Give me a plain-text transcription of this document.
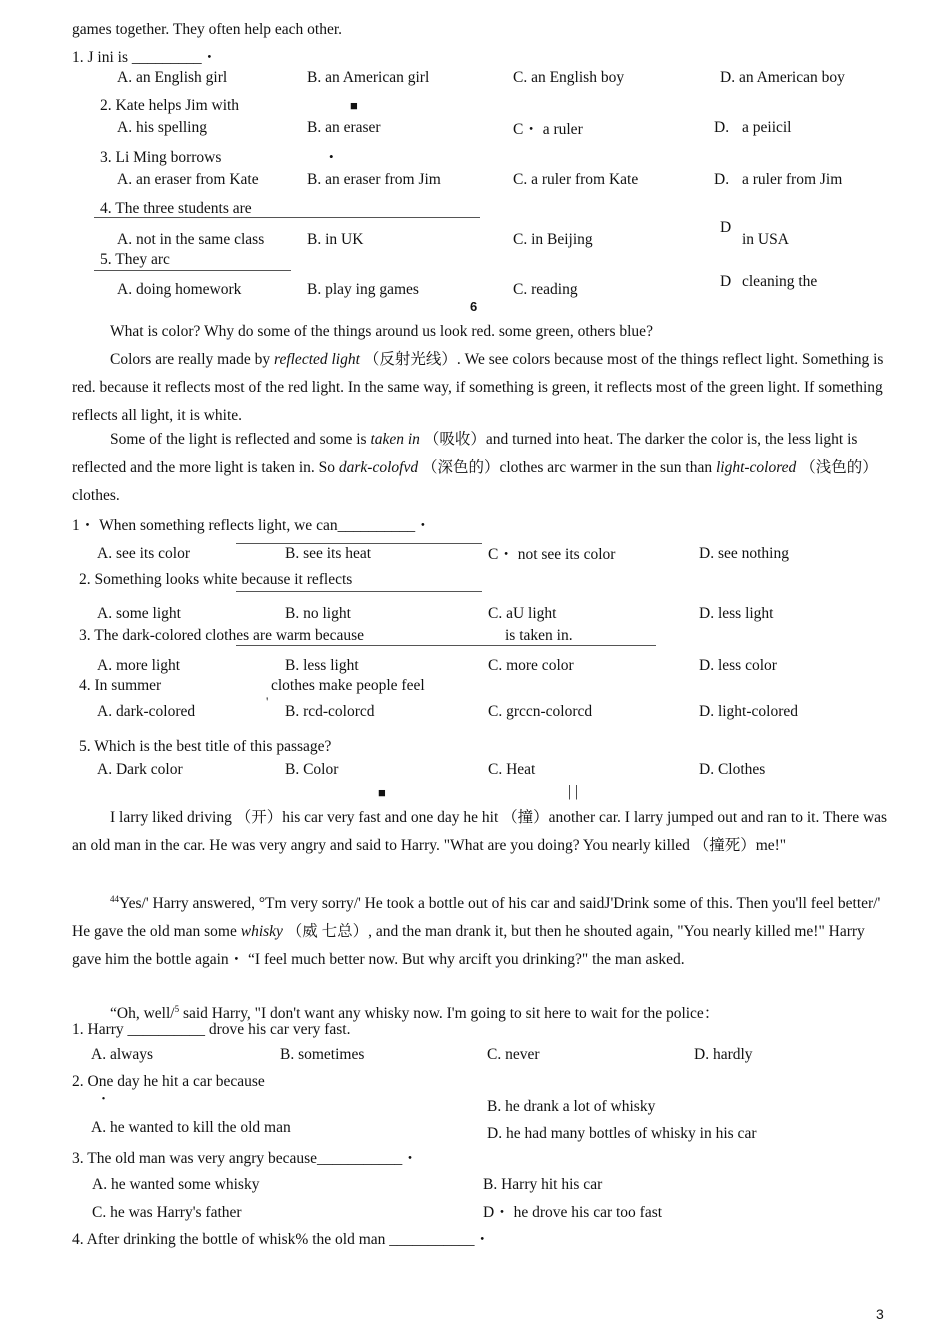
games together. They often help each other.
1. J ini is _________・
A. an English girl	B. an American girl	C. an English boy	D. an American boy
2. Kate helps Jim with	■
A. his spelling	B. an eraser	C・ a ruler	D. a peiicil
3. Li Ming borrows	•
A. an eraser from Kate	B. an eraser from Jim	C. a ruler from Kate	D. a ruler from Jim
4. The three students are
A. not in the same class	B. in UK	C. in Beijing
D
in USA
5. They arc
A. doing homework	B. play ing games	C. reading	D cleaning the
6
What is color? Why do some of the things around us look red. some green, others blue?
Colors are really made by reflected light （反射光线）. We see colors because most of the things reflect light. Something is red. because it reflects most of the red light. In the same way, if something is green, it reflects most of the green light. If something reflects all light, it is white.
Some of the light is reflected and some is taken in （吸收）and turned into heat. The darker the color is, the less light is reflected and the more light is taken in. So dark-colofvd （深色的）clothes arc warmer in the sun than light-colored （浅色的）clothes.
1・ When something reflects light, we can__________・
A. see its color	B. see its heat	C・ not see its color	D. see nothing
2. Something looks white because it reflects
A. some light	B. no light	C. aU light	D. less light
3. The dark-colored clothes are warm because	is taken in.
A. more light	B. less light	C. more color	D. less color
4. In summer	clothes make people feel
'
A. dark-colored	B. rcd-colorcd	C. grccn-colorcd	D. light-colored
5. Which is the best title of this passage?
A. Dark color	B. Color	C. Heat	D. Clothes
■	| |
I larry liked driving （开）his car very fast and one day he hit （撞）another car. I larry jumped out and ran to it. There was an old man in the car. He was very angry and said to Harry. "What are you doing? You nearly killed （撞死）me!"
$^{44}$Yes/' Harry answered, °Tm very sorry/' He took a bottle out of his car and saidJ'Drink some of this. Then you'll feel better/' He gave the old man some whisky （威 七总）, and the man drank it, but then he shouted again, "You nearly killed me!" Harry gave him the bottle again・ “I feel much better now. But why arcift you drinking?" the man asked.
“Oh, well/$^5$ said Harry, "I don't want any whisky now. I'm going to sit here to wait for the police：
1. Harry __________ drove his car very fast.
A. always	B. sometimes	C. never	D. hardly
2. One day he hit a car because
・	B. he drank a lot of whisky
A. he wanted to kill the old man	D. he had many bottles of whisky in his car
3. The old man was very angry because___________・
A. he wanted some whisky	B. Harry hit his car
C. he was Harry's father	D・ he drove his car too fast
4. After drinking the bottle of whisk% the old man ___________・
3
